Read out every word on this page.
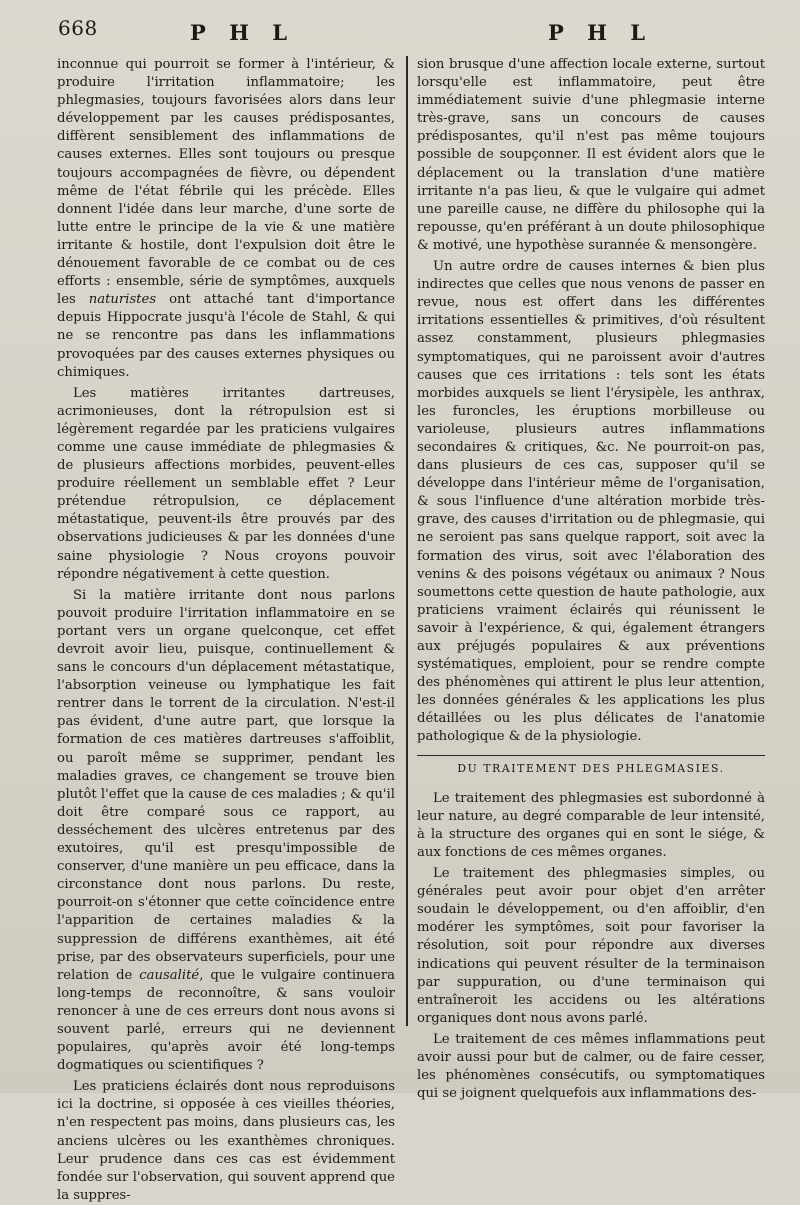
668	P H L	P H L

inconnue qui pourroit se former à l'intérieur, & produire l'irritation inflammatoire; les phlegmasies, toujours favorisées alors dans leur développement par les causes prédisposantes, diffèrent sensiblement des inflammations de causes externes. Elles sont toujours ou presque toujours accompagnées de fièvre, ou dépendent même de l'état fébrile qui les précède. Elles donnent l'idée dans leur marche, d'une sorte de lutte entre le principe de la vie & une matière irritante & hostile, dont l'expulsion doit être le dénouement favorable de ce combat ou de ces efforts : ensemble, série de symptômes, auxquels les naturistes ont attaché tant d'importance depuis Hippocrate jusqu'à l'école de Stahl, & qui ne se rencontre pas dans les inflammations provoquées par des causes externes physiques ou chimiques.

Les matières irritantes dartreuses, acrimonieuses, dont la rétropulsion est si légèrement regardée par les praticiens vulgaires comme une cause immédiate de phlegmasies & de plusieurs affections morbides, peuvent-elles produire réellement un semblable effet ? Leur prétendue rétropulsion, ce déplacement métastatique, peuvent-ils être prouvés par des observations judicieuses & par les données d'une saine physiologie ? Nous croyons pouvoir répondre négativement à cette question.

Si la matière irritante dont nous parlons pouvoit produire l'irritation inflammatoire en se portant vers un organe quelconque, cet effet devroit avoir lieu, puisque, continuellement & sans le concours d'un déplacement métastatique, l'absorption veineuse ou lymphatique les fait rentrer dans le torrent de la circulation. N'est-il pas évident, d'une autre part, que lorsque la formation de ces matières dartreuses s'affoiblit, ou paroît même se supprimer, pendant les maladies graves, ce changement se trouve bien plutôt l'effet que la cause de ces maladies ; & qu'il doit être comparé sous ce rapport, au desséchement des ulcères entretenus par des exutoires, qu'il est presqu'impossible de conserver, d'une manière un peu efficace, dans la circonstance dont nous parlons. Du reste, pourroit-on s'étonner que cette coïncidence entre l'apparition de certaines maladies & la suppression de différens exanthèmes, ait été prise, par des observateurs superficiels, pour une relation de causalité, que le vulgaire continuera long-temps de reconnoître, & sans vouloir renoncer à une de ces erreurs dont nous avons si souvent parlé, erreurs qui ne deviennent populaires, qu'après avoir été long-temps dogmatiques ou scientifiques ?

Les praticiens éclairés dont nous reproduisons ici la doctrine, si opposée à ces vieilles théories, n'en respectent pas moins, dans plusieurs cas, les anciens ulcères ou les exanthèmes chroniques. Leur prudence dans ces cas est évidemment fondée sur l'observation, qui souvent apprend que la suppres-

sion brusque d'une affection locale externe, surtout lorsqu'elle est inflammatoire, peut être immédiatement suivie d'une phlegmasie interne très-grave, sans un concours de causes prédisposantes, qu'il n'est pas même toujours possible de soupçonner. Il est évident alors que le déplacement ou la translation d'une matière irritante n'a pas lieu, & que le vulgaire qui admet une pareille cause, ne diffère du philosophe qui la repousse, qu'en préférant à un doute philosophique & motivé, une hypothèse surannée & mensongère.

Un autre ordre de causes internes & bien plus indirectes que celles que nous venons de passer en revue, nous est offert dans les différentes irritations essentielles & primitives, d'où résultent assez constamment, plusieurs phlegmasies symptomatiques, qui ne paroissent avoir d'autres causes que ces irritations : tels sont les états morbides auxquels se lient l'érysipèle, les anthrax, les furoncles, les éruptions morbilleuse ou varioleuse, plusieurs autres inflammations secondaires & critiques, &c. Ne pourroit-on pas, dans plusieurs de ces cas, supposer qu'il se développe dans l'intérieur même de l'organisation, & sous l'influence d'une altération morbide très-grave, des causes d'irritation ou de phlegmasie, qui ne seroient pas sans quelque rapport, soit avec la formation des virus, soit avec l'élaboration des venins & des poisons végétaux ou animaux ? Nous soumettons cette question de haute pathologie, aux praticiens vraiment éclairés qui réunissent le savoir à l'expérience, & qui, également étrangers aux préjugés populaires & aux préventions systématiques, emploient, pour se rendre compte des phénomènes qui attirent le plus leur attention, les données générales & les applications les plus détaillées ou les plus délicates de l'anatomie pathologique & de la physiologie.

DU TRAITEMENT DES PHLEGMASIES.

Le traitement des phlegmasies est subordonné à leur nature, au degré comparable de leur intensité, à la structure des organes qui en sont le siége, & aux fonctions de ces mêmes organes.

Le traitement des phlegmasies simples, ou générales peut avoir pour objet d'en arrêter soudain le développement, ou d'en affoiblir, d'en modérer les symptômes, soit pour favoriser la résolution, soit pour répondre aux diverses indications qui peuvent résulter de la terminaison par suppuration, ou d'une terminaison qui entraîneroit les accidens ou les altérations organiques dont nous avons parlé.

Le traitement de ces mêmes inflammations peut avoir aussi pour but de calmer, ou de faire cesser, les phénomènes consécutifs, ou symptomatiques qui se joignent quelquefois aux inflammations des-
